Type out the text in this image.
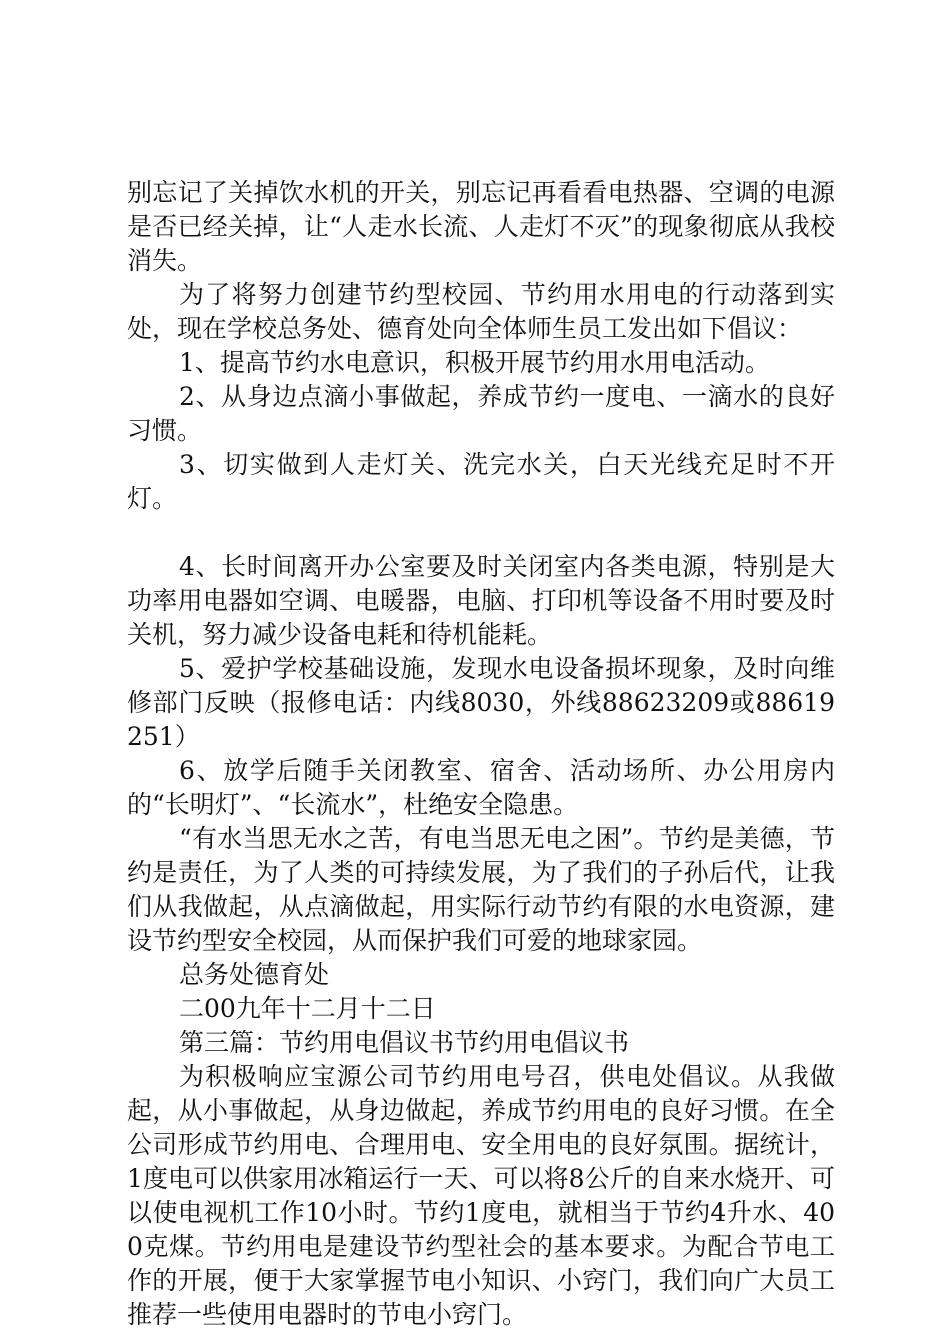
别忘记了关掉饮水机的开关，别忘记再看看电热器、空调的电源是否已经关掉，让“人走水长流、人走灯不灭”的现象彻底从我校消失。

为了将努力创建节约型校园、节约用水用电的行动落到实处，现在学校总务处、德育处向全体师生员工发出如下倡议：

1、提高节约水电意识，积极开展节约用水用电活动。

2、从身边点滴小事做起，养成节约一度电、一滴水的良好习惯。

3、切实做到人走灯关、洗完水关，白天光线充足时不开灯。

4、长时间离开办公室要及时关闭室内各类电源，特别是大功率用电器如空调、电暖器，电脑、打印机等设备不用时要及时关机，努力减少设备电耗和待机能耗。

5、爱护学校基础设施，发现水电设备损坏现象，及时向维修部门反映（报修电话：内线8030，外线88623209或88619251）

6、放学后随手关闭教室、宿舍、活动场所、办公用房内的“长明灯”、“长流水”，杜绝安全隐患。

“有水当思无水之苦，有电当思无电之困”。节约是美德，节约是责任，为了人类的可持续发展，为了我们的子孙后代，让我们从我做起，从点滴做起，用实际行动节约有限的水电资源，建设节约型安全校园，从而保护我们可爱的地球家园。

总务处德育处

二00九年十二月十二日

第三篇：节约用电倡议书节约用电倡议书

为积极响应宝源公司节约用电号召，供电处倡议。从我做起，从小事做起，从身边做起，养成节约用电的良好习惯。在全公司形成节约用电、合理用电、安全用电的良好氛围。据统计，1度电可以供家用冰箱运行一天、可以将8公斤的自来水烧开、可以使电视机工作10小时。节约1度电，就相当于节约4升水、400克煤。节约用电是建设节约型社会的基本要求。为配合节电工作的开展，便于大家掌握节电小知识、小窍门，我们向广大员工推荐一些使用电器时的节电小窍门。
